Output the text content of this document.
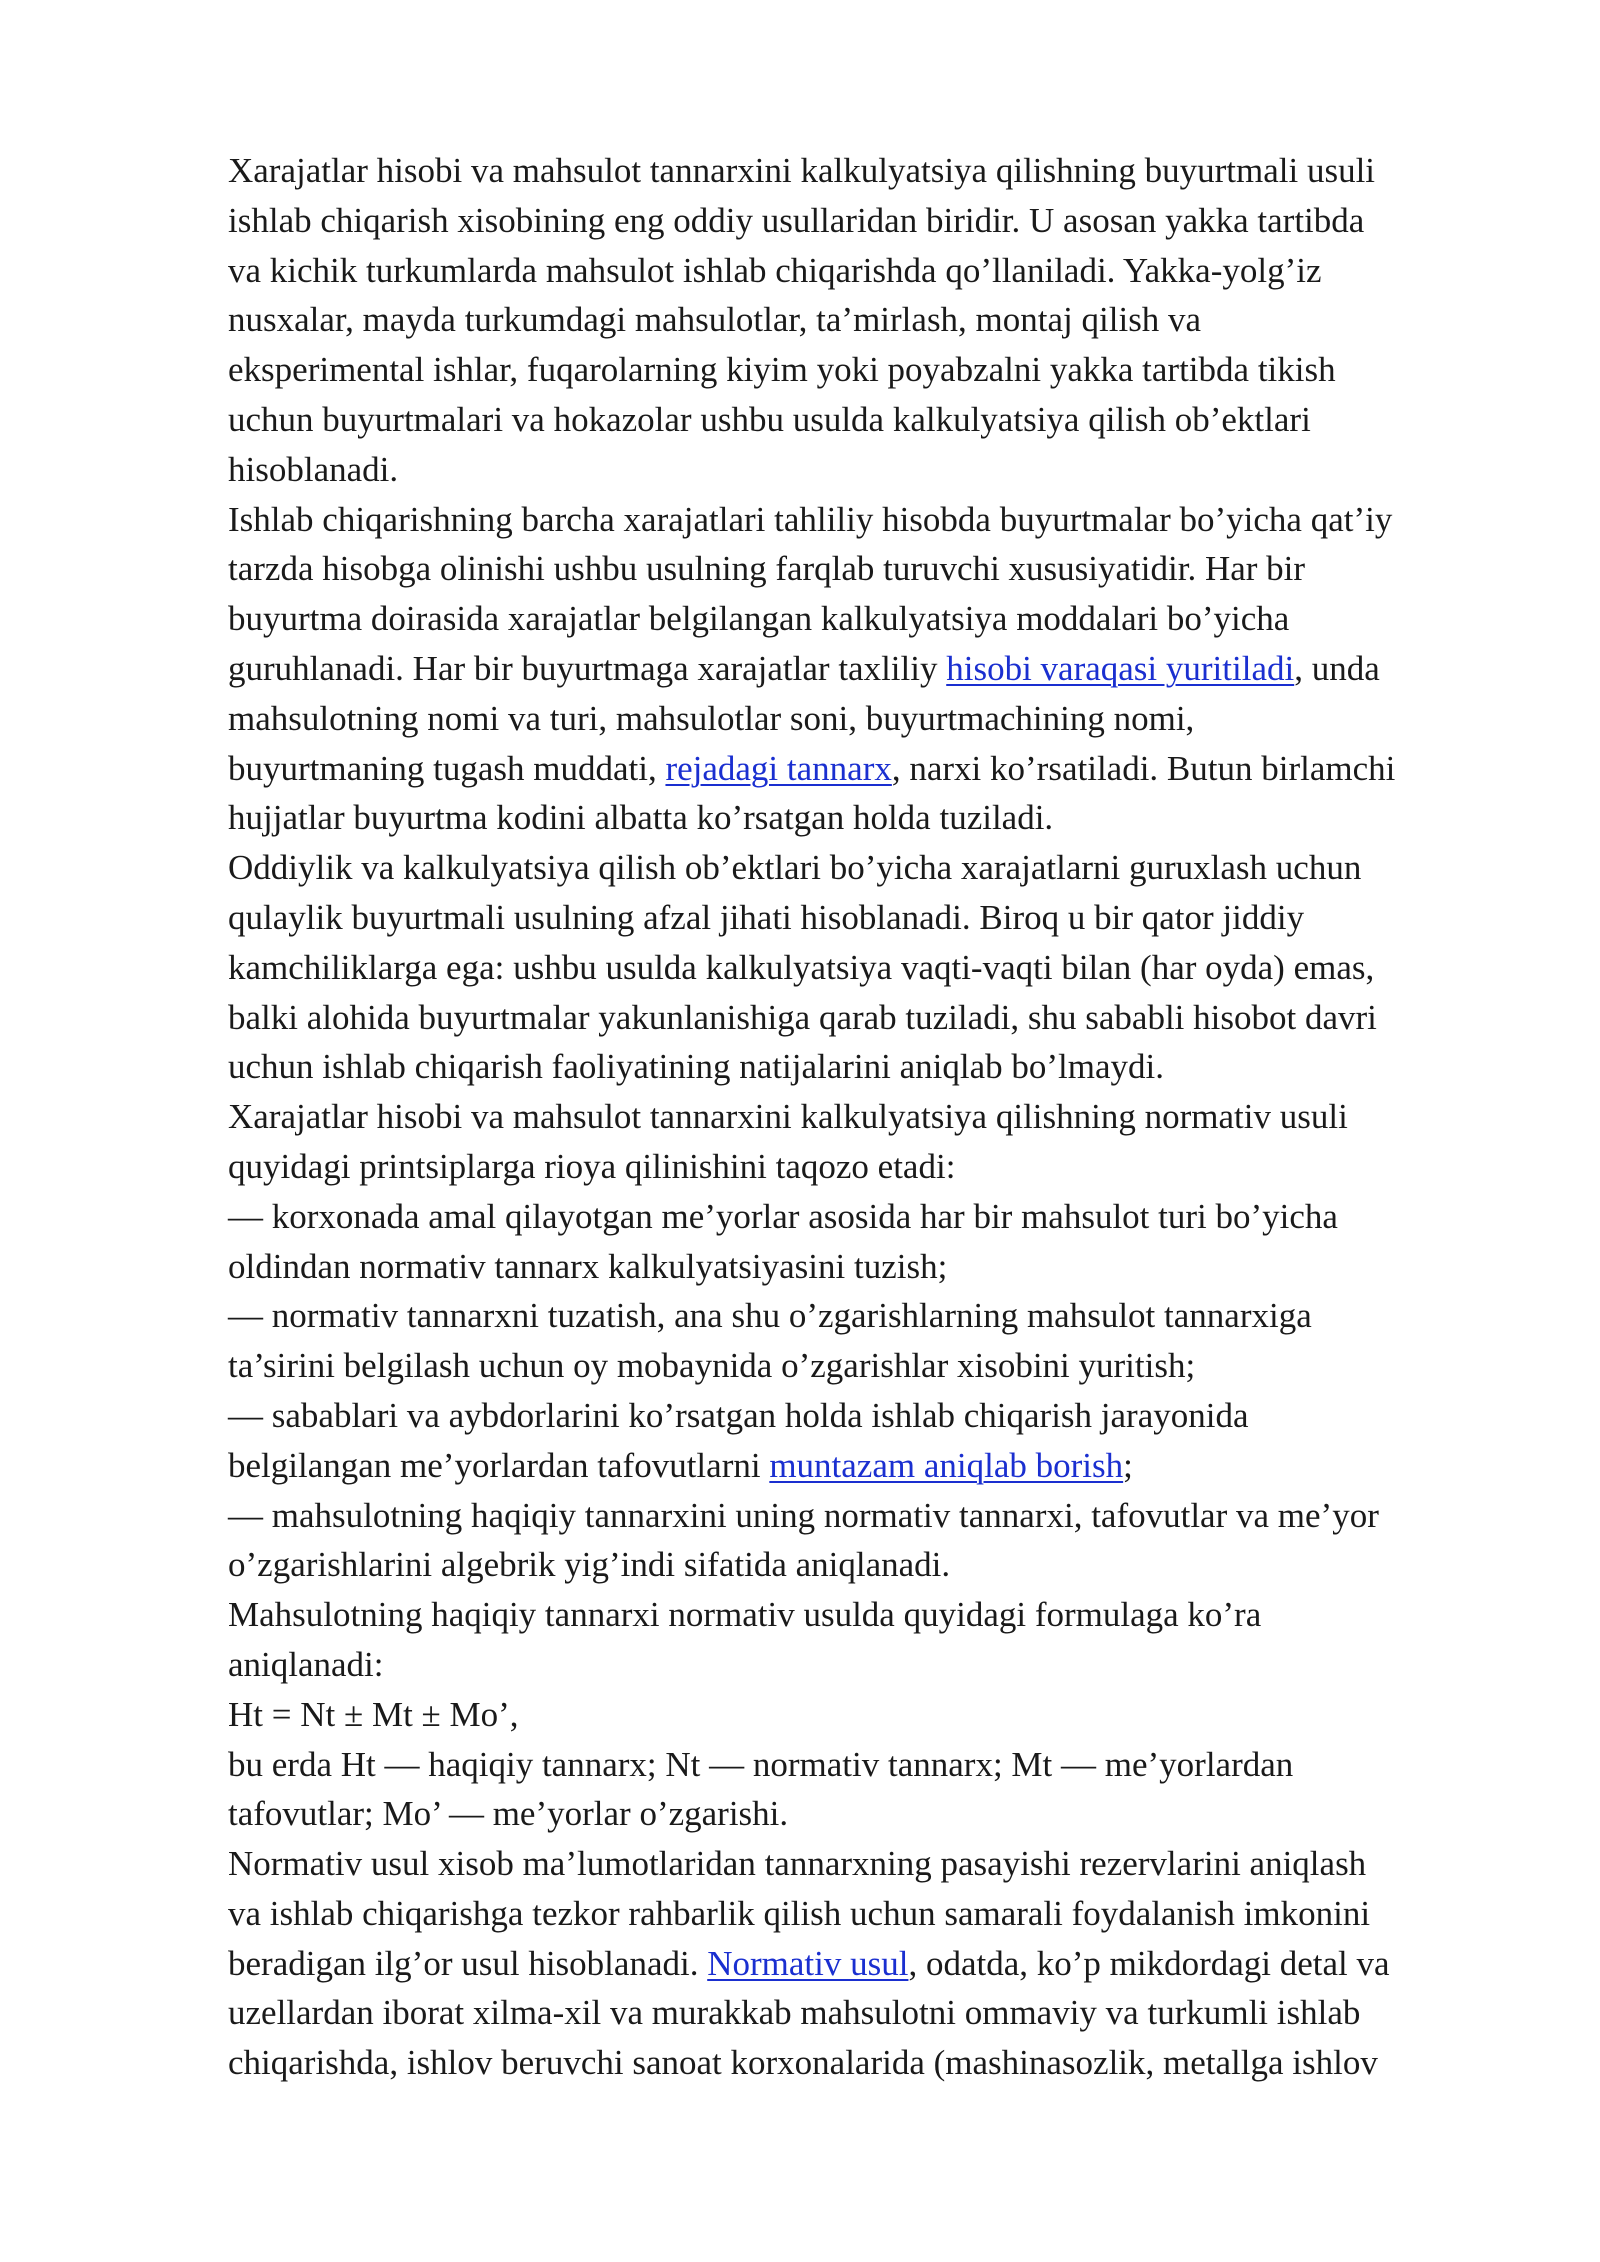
Xarajatlar hisobi va mahsulot tannarxini kalkulyatsiya qilishning buyurtmali usuli
ishlab chiqarish xisobining eng oddiy usullaridan biridir. U asosan yakka tartibda
va kichik turkumlarda mahsulot ishlab chiqarishda qo’llaniladi. Yakka-yolg’iz
nusxalar, mayda turkumdagi mahsulotlar, ta’mirlash, montaj qilish va
eksperimental ishlar, fuqarolarning kiyim yoki poyabzalni yakka tartibda tikish
uchun buyurtmalari va hokazolar ushbu usulda kalkulyatsiya qilish ob’ektlari
hisoblanadi.
Ishlab chiqarishning barcha xarajatlari tahliliy hisobda buyurtmalar bo’yicha qat’iy
tarzda hisobga olinishi ushbu usulning farqlab turuvchi xususiyatidir. Har bir
buyurtma doirasida xarajatlar belgilangan kalkulyatsiya moddalari bo’yicha
guruhlanadi. Har bir buyurtmaga xarajatlar taxliliy hisobi varaqasi yuritiladi, unda
mahsulotning nomi va turi, mahsulotlar soni, buyurtmachining nomi,
buyurtmaning tugash muddati, rejadagi tannarx, narxi ko’rsatiladi. Butun birlamchi
hujjatlar buyurtma kodini albatta ko’rsatgan holda tuziladi.
Oddiylik va kalkulyatsiya qilish ob’ektlari bo’yicha xarajatlarni guruxlash uchun
qulaylik buyurtmali usulning afzal jihati hisoblanadi. Biroq u bir qator jiddiy
kamchiliklarga ega: ushbu usulda kalkulyatsiya vaqti-vaqti bilan (har oyda) emas,
balki alohida buyurtmalar yakunlanishiga qarab tuziladi, shu sababli hisobot davri
uchun ishlab chiqarish faoliyatining natijalarini aniqlab bo’lmaydi.
Xarajatlar hisobi va mahsulot tannarxini kalkulyatsiya qilishning normativ usuli
quyidagi printsiplarga rioya qilinishini taqozo etadi:
— korxonada amal qilayotgan me’yorlar asosida har bir mahsulot turi bo’yicha
oldindan normativ tannarx kalkulyatsiyasini tuzish;
— normativ tannarxni tuzatish, ana shu o’zgarishlarning mahsulot tannarxiga
ta’sirini belgilash uchun oy mobaynida o’zgarishlar xisobini yuritish;
— sabablari va aybdorlarini ko’rsatgan holda ishlab chiqarish jarayonida
belgilangan me’yorlardan tafovutlarni muntazam aniqlab borish;
— mahsulotning haqiqiy tannarxini uning normativ tannarxi, tafovutlar va me’yor
o’zgarishlarini algebrik yig’indi sifatida aniqlanadi.
Mahsulotning haqiqiy tannarxi normativ usulda quyidagi formulaga ko’ra
aniqlanadi:
Ht = Nt ± Mt ± Mo’,
bu erda Ht — haqiqiy tannarx; Nt — normativ tannarx; Mt — me’yorlardan
tafovutlar; Mo’ — me’yorlar o’zgarishi.
Normativ usul xisob ma’lumotlaridan tannarxning pasayishi rezervlarini aniqlash
va ishlab chiqarishga tezkor rahbarlik qilish uchun samarali foydalanish imkonini
beradigan ilg’or usul hisoblanadi. Normativ usul, odatda, ko’p mikdordagi detal va
uzellardan iborat xilma-xil va murakkab mahsulotni ommaviy va turkumli ishlab
chiqarishda, ishlov beruvchi sanoat korxonalarida (mashinasozlik, metallga ishlov
